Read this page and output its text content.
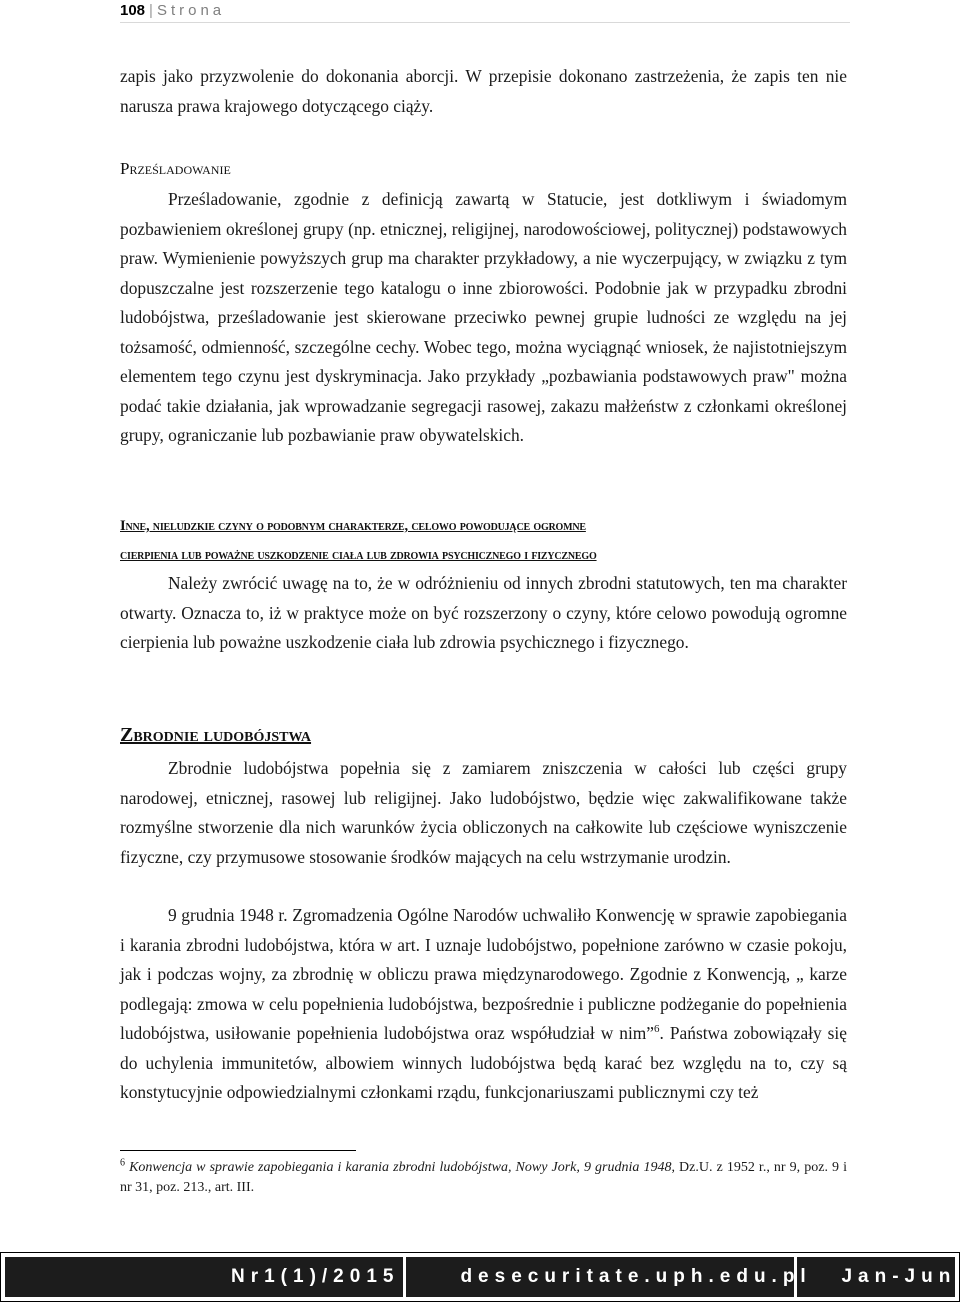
108 | Strona
zapis jako przyzwolenie do dokonania aborcji. W przepisie dokonano zastrzeżenia, że zapis ten nie narusza prawa krajowego dotyczącego ciąży.
Prześladowanie
Prześladowanie, zgodnie z definicją zawartą w Statucie, jest dotkliwym i świadomym pozbawieniem określonej grupy (np. etnicznej, religijnej, narodowościowej, politycznej) podstawowych praw. Wymienienie powyższych grup ma charakter przykładowy, a nie wyczerpujący, w związku z tym dopuszczalne jest rozszerzenie tego katalogu o inne zbiorowości. Podobnie jak w przypadku zbrodni ludobójstwa, prześladowanie jest skierowane przeciwko pewnej grupie ludności ze względu na jej tożsamość, odmienność, szczególne cechy. Wobec tego, można wyciągnąć wniosek, że najistotniejszym elementem tego czynu jest dyskryminacja. Jako przykłady „pozbawiania podstawowych praw" można podać takie działania, jak wprowadzanie segregacji rasowej, zakazu małżeństw z członkami określonej grupy, ograniczanie lub pozbawianie praw obywatelskich.
Inne, nieludzkie czyny o podobnym charakterze, celowo powodujące ogromne
cierpienia lub poważne uszkodzenie ciała lub zdrowia psychicznego i fizycznego
Należy zwrócić uwagę na to, że w odróżnieniu od innych zbrodni statutowych, ten ma charakter otwarty. Oznacza to, iż w praktyce może on być rozszerzony o czyny, które celowo powodują ogromne cierpienia lub poważne uszkodzenie ciała lub zdrowia psychicznego i fizycznego.
Zbrodnie ludobójstwa
Zbrodnie ludobójstwa popełnia się z zamiarem zniszczenia w całości lub części grupy narodowej, etnicznej, rasowej lub religijnej. Jako ludobójstwo, będzie więc zakwalifikowane także rozmyślne stworzenie dla nich warunków życia obliczonych na całkowite lub częściowe wyniszczenie fizyczne, czy przymusowe stosowanie środków mających na celu wstrzymanie urodzin.
9 grudnia 1948 r. Zgromadzenia Ogólne Narodów uchwaliło Konwencję w sprawie zapobiegania i karania zbrodni ludobójstwa, która w art. I uznaje ludobójstwo, popełnione zarówno w czasie pokoju, jak i podczas wojny, za zbrodnię w obliczu prawa międzynarodowego. Zgodnie z Konwencją, „ karze podlegają: zmowa w celu popełnienia ludobójstwa, bezpośrednie i publiczne podżeganie do popełnienia ludobójstwa, usiłowanie popełnienia ludobójstwa oraz współudział w nim”$^6$. Państwa zobowiązały się do uchylenia immunitetów, albowiem winnych ludobójstwa będą karać bez względu na to, czy są konstytucyjnie odpowiedzialnymi członkami rządu, funkcjonariuszami publicznymi czy też
$^6$ Konwencja w sprawie zapobiegania i karania zbrodni ludobójstwa, Nowy Jork, 9 grudnia 1948, Dz.U. z 1952 r., nr 9, poz. 9 i nr 31, poz. 213., art. III.
Nr1(1)/2015	desecuritate.uph.edu.pl	Jan-Jun
